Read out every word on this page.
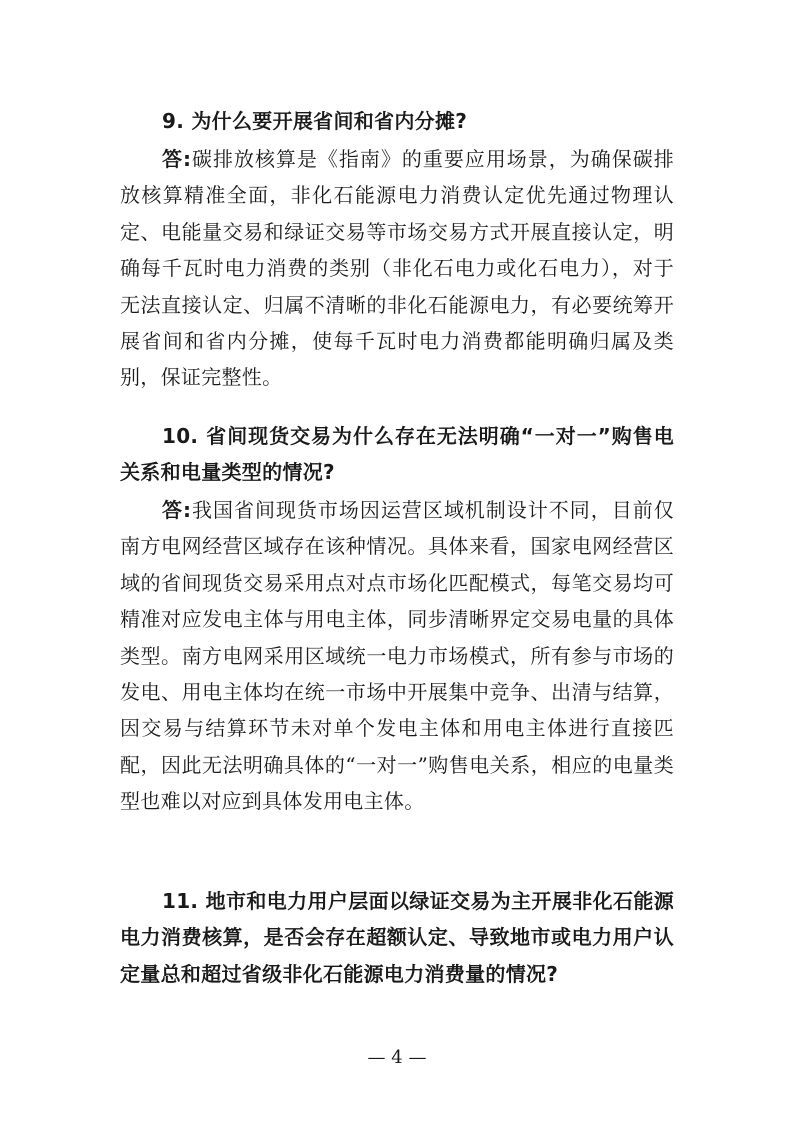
9. 为什么要开展省间和省内分摊?

答:碳排放核算是《指南》的重要应用场景，为确保碳排放核算精准全面，非化石能源电力消费认定优先通过物理认定、电能量交易和绿证交易等市场交易方式开展直接认定，明确每千瓦时电力消费的类别（非化石电力或化石电力），对于无法直接认定、归属不清晰的非化石能源电力，有必要统筹开展省间和省内分摊，使每千瓦时电力消费都能明确归属及类别，保证完整性。

10. 省间现货交易为什么存在无法明确“一对一”购售电关系和电量类型的情况?

答:我国省间现货市场因运营区域机制设计不同，目前仅南方电网经营区域存在该种情况。具体来看，国家电网经营区域的省间现货交易采用点对点市场化匹配模式，每笔交易均可精准对应发电主体与用电主体，同步清晰界定交易电量的具体类型。南方电网采用区域统一电力市场模式，所有参与市场的发电、用电主体均在统一市场中开展集中竞争、出清与结算，因交易与结算环节未对单个发电主体和用电主体进行直接匹配，因此无法明确具体的“一对一”购售电关系，相应的电量类型也难以对应到具体发用电主体。

11. 地市和电力用户层面以绿证交易为主开展非化石能源电力消费核算，是否会存在超额认定、导致地市或电力用户认定量总和超过省级非化石能源电力消费量的情况?

— 4 —
